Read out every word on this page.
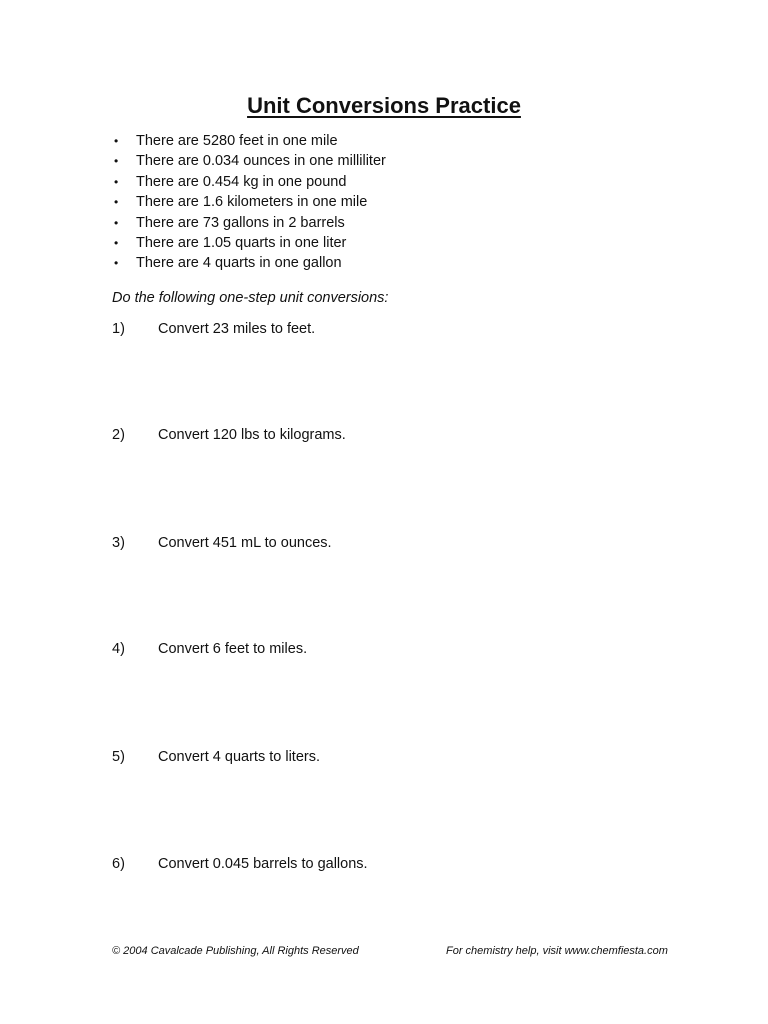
Unit Conversions Practice
• There are 5280 feet in one mile
• There are 0.034 ounces in one milliliter
• There are 0.454 kg in one pound
• There are 1.6 kilometers in one mile
• There are 73 gallons in 2 barrels
• There are 1.05 quarts in one liter
• There are 4 quarts in one gallon
Do the following one-step unit conversions:
1) Convert 23 miles to feet.
2) Convert 120 lbs to kilograms.
3) Convert 451 mL to ounces.
4) Convert 6 feet to miles.
5) Convert 4 quarts to liters.
6) Convert 0.045 barrels to gallons.
© 2004 Cavalcade Publishing, All Rights Reserved	For chemistry help, visit www.chemfiesta.com
